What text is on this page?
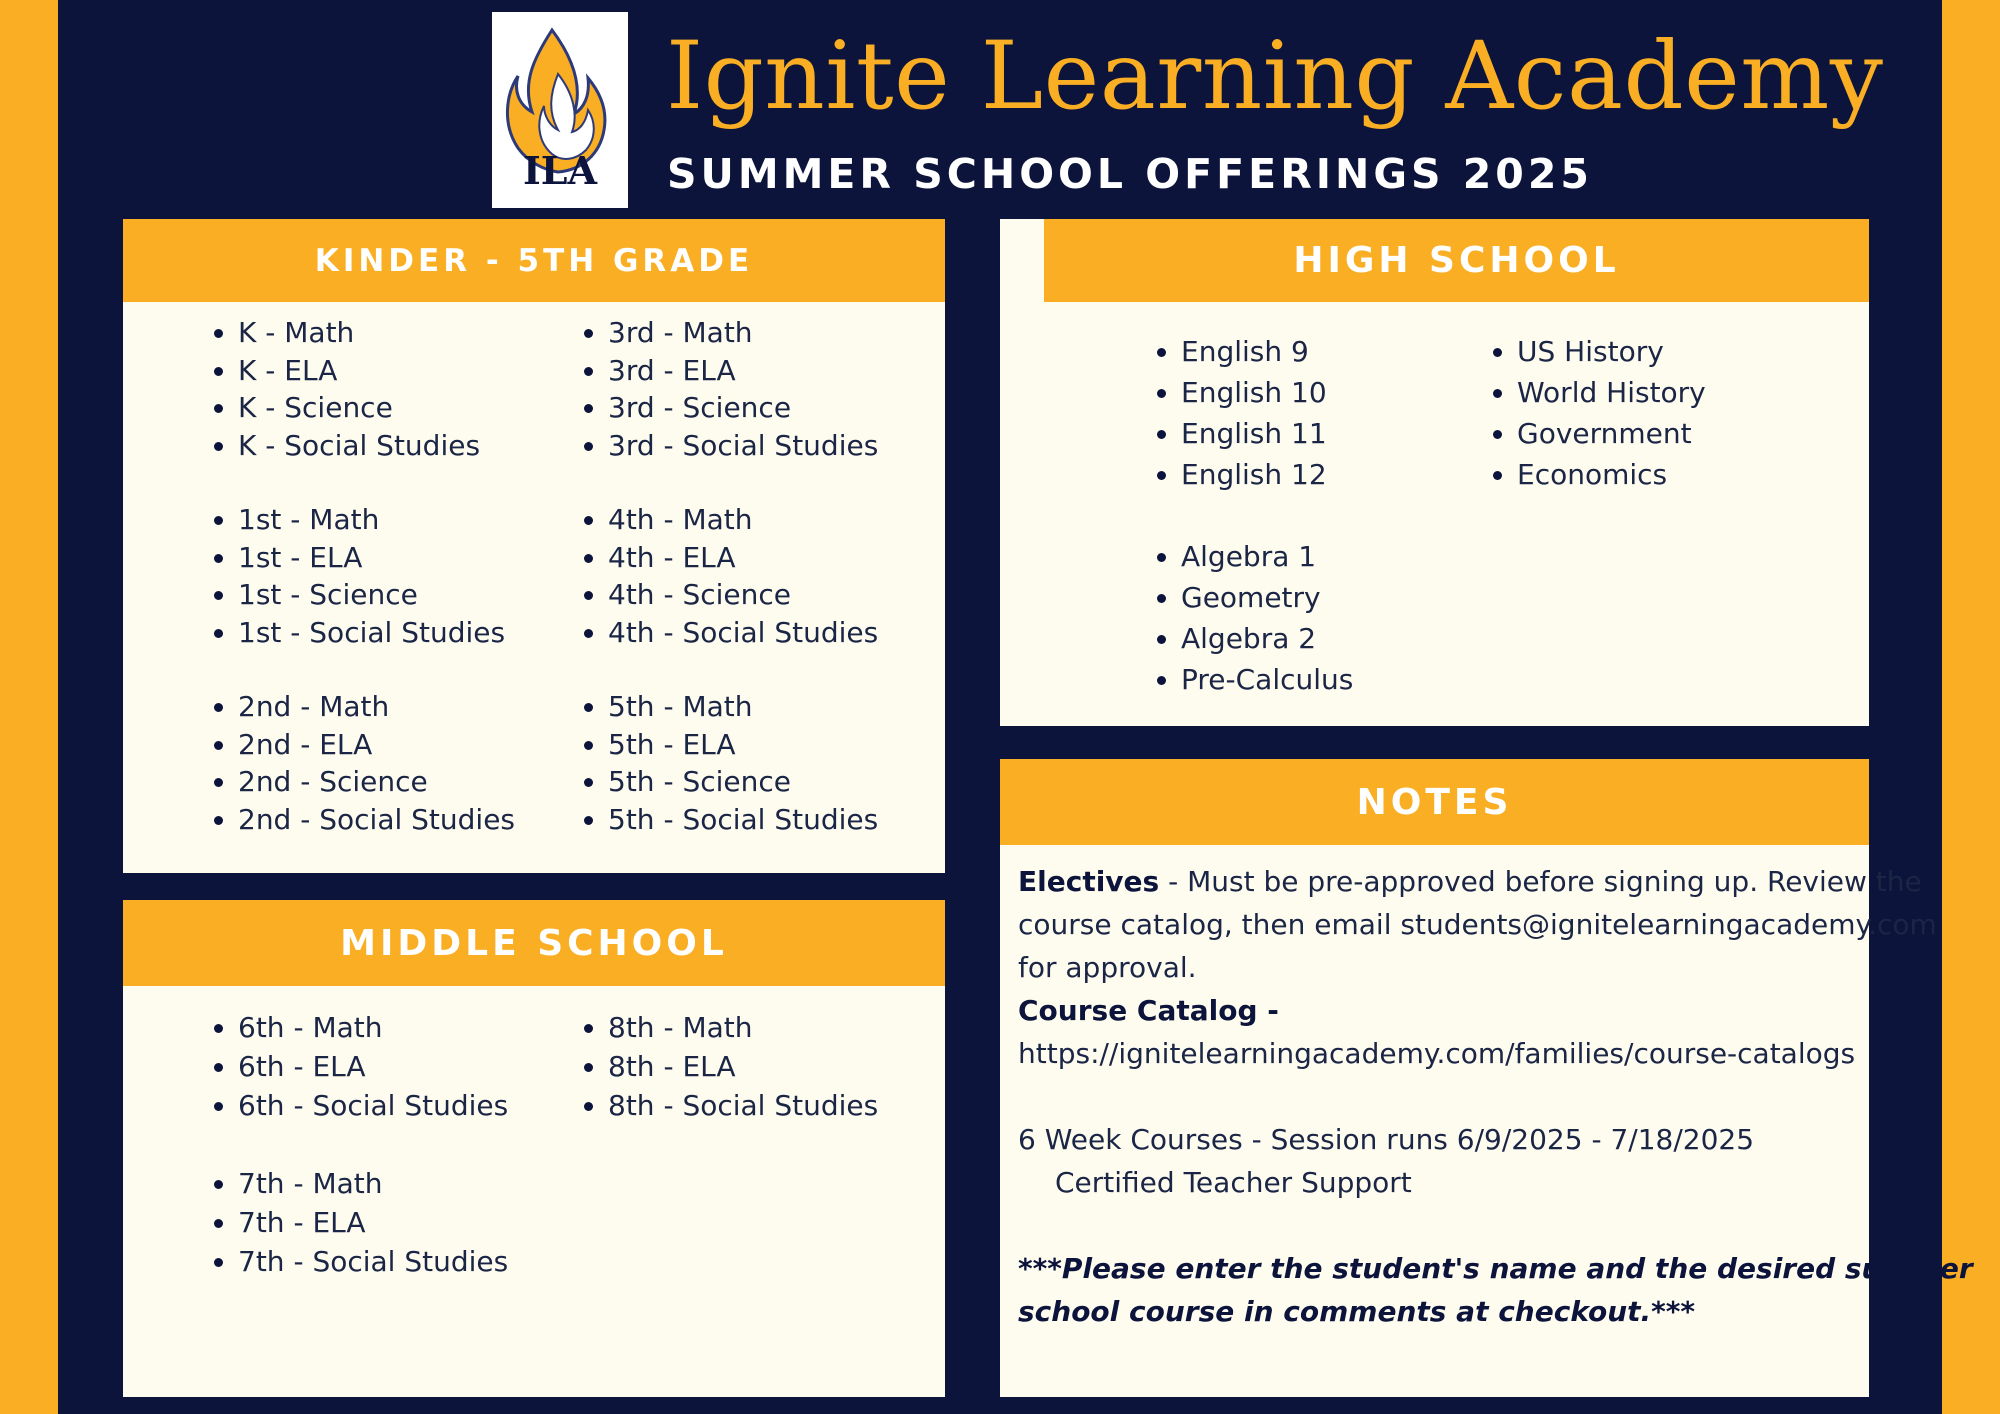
ILA
Ignite Learning Academy
SUMMER SCHOOL OFFERINGS 2025
KINDER - 5TH GRADE
• K - Math
• K - ELA
• K - Science
• K - Social Studies
• 1st - Math
• 1st - ELA
• 1st - Science
• 1st - Social Studies
• 2nd - Math
• 2nd - ELA
• 2nd - Science
• 2nd - Social Studies
• 3rd - Math
• 3rd - ELA
• 3rd - Science
• 3rd - Social Studies
• 4th - Math
• 4th - ELA
• 4th - Science
• 4th - Social Studies
• 5th - Math
• 5th - ELA
• 5th - Science
• 5th - Social Studies
MIDDLE SCHOOL
• 6th - Math
• 6th - ELA
• 6th - Social Studies
• 7th - Math
• 7th - ELA
• 7th - Social Studies
• 8th - Math
• 8th - ELA
• 8th - Social Studies
HIGH SCHOOL
• English 9
• English 10
• English 11
• English 12
• Algebra 1
• Geometry
• Algebra 2
• Pre-Calculus
• US History
• World History
• Government
• Economics
NOTES
Electives - Must be pre-approved before signing up. Review the
course catalog, then email students@ignitelearningacademy.com
for approval.
Course Catalog -
https://ignitelearningacademy.com/families/course-catalogs
6 Week Courses - Session runs 6/9/2025 - 7/18/2025
Certified Teacher Support
***Please enter the student's name and the desired summer
school course in comments at checkout.***
